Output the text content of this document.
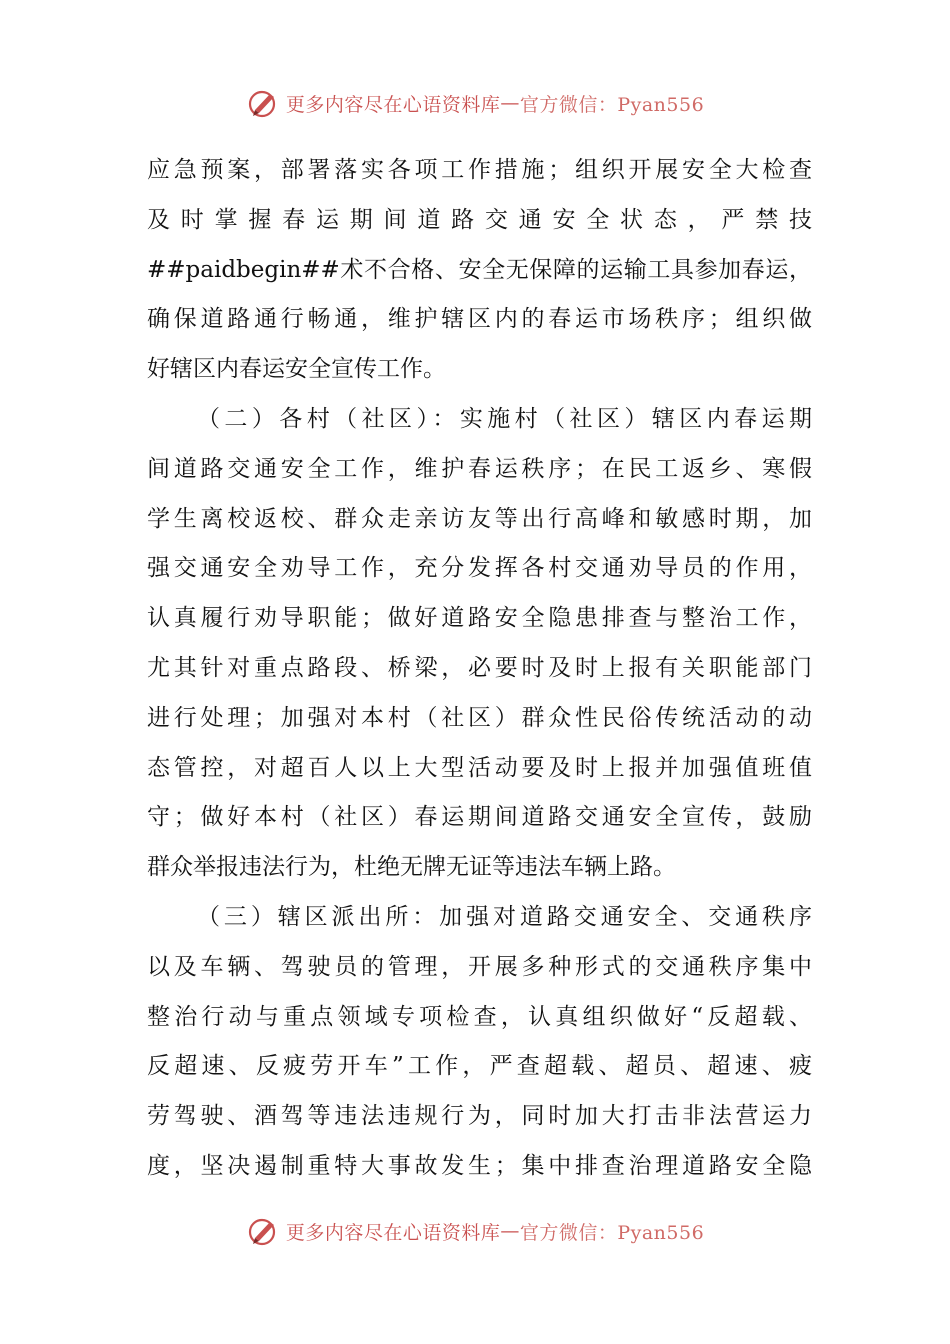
更多内容尽在心语资料库 — 官方微信：Pyan556
应急预案，部署落实各项工作措施；组织开展安全大检查
及时掌握春运期间道路交通安全状态，严禁技
##paidbegin##术不合格、安全无保障的运输工具参加春运，
确保道路通行畅通，维护辖区内的春运市场秩序；组织做
好辖区内春运安全宣传工作。
（二）各村（社区）：实施村（社区）辖区内春运期
间道路交通安全工作，维护春运秩序；在民工返乡、寒假
学生离校返校、群众走亲访友等出行高峰和敏感时期，加
强交通安全劝导工作，充分发挥各村交通劝导员的作用，
认真履行劝导职能；做好道路安全隐患排查与整治工作，
尤其针对重点路段、桥梁，必要时及时上报有关职能部门
进行处理；加强对本村（社区）群众性民俗传统活动的动
态管控，对超百人以上大型活动要及时上报并加强值班值
守；做好本村（社区）春运期间道路交通安全宣传，鼓励
群众举报违法行为，杜绝无牌无证等违法车辆上路。
（三）辖区派出所：加强对道路交通安全、交通秩序
以及车辆、驾驶员的管理，开展多种形式的交通秩序集中
整治行动与重点领域专项检查，认真组织做好“反超载、
反超速、反疲劳开车”工作，严查超载、超员、超速、疲
劳驾驶、酒驾等违法违规行为，同时加大打击非法营运力
度，坚决遏制重特大事故发生；集中排查治理道路安全隐
更多内容尽在心语资料库 — 官方微信：Pyan556
